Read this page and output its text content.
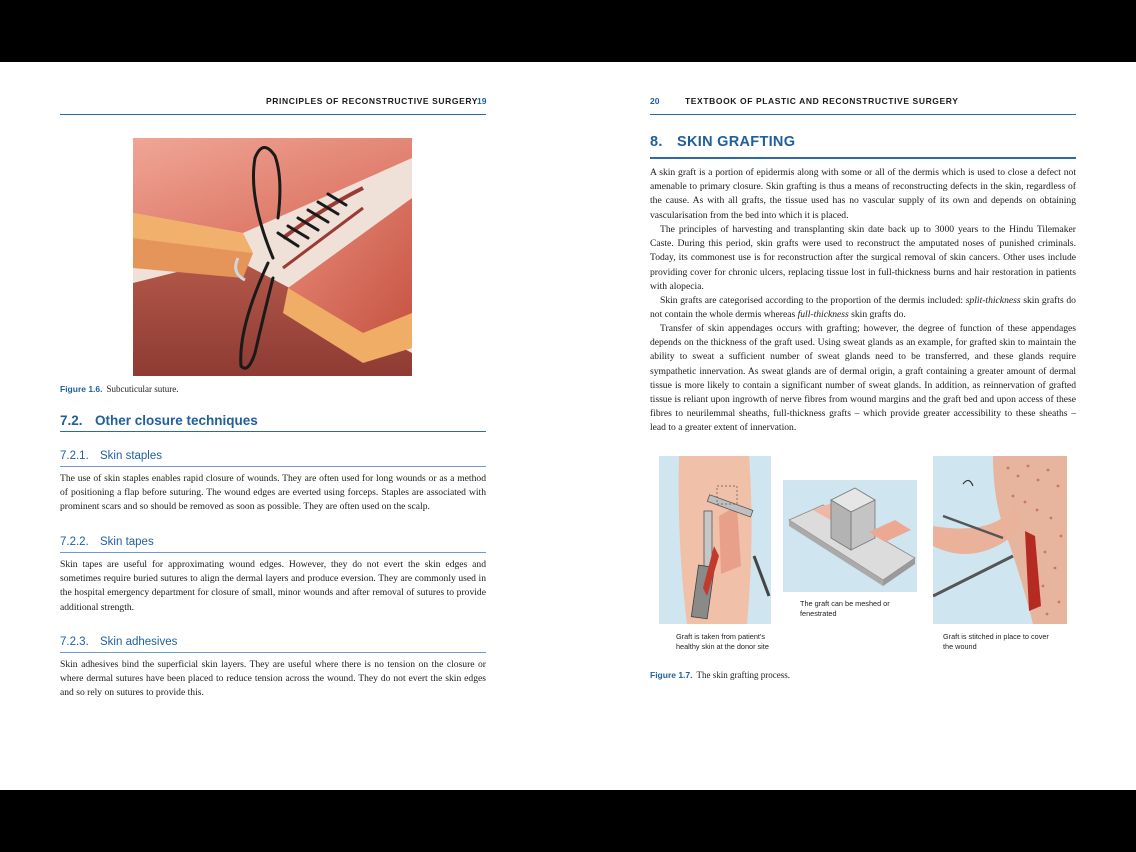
PRINCIPLES OF RECONSTRUCTIVE SURGERY
19
Figure 1.6. Subcuticular suture.
7.2. Other closure techniques
7.2.1. Skin staples

The use of skin staples enables rapid closure of wounds. They are often used for long wounds or as a method of positioning a flap before suturing. The wound edges are everted using forceps. Staples are associated with prominent scars and so should be removed as soon as possible. They are often used on the scalp.

7.2.2. Skin tapes

Skin tapes are useful for approximating wound edges. However, they do not evert the skin edges and sometimes require buried sutures to align the dermal layers and produce eversion. They are commonly used in the hospital emergency department for closure of small, minor wounds and after removal of sutures to provide additional strength.

7.2.3. Skin adhesives

Skin adhesives bind the superficial skin layers. They are useful where there is no tension on the closure or where dermal sutures have been placed to reduce tension across the wound. They do not evert the skin edges and so rely on sutures to provide this.

20	TEXTBOOK OF PLASTIC AND RECONSTRUCTIVE SURGERY
8. SKIN GRAFTING

A skin graft is a portion of epidermis along with some or all of the dermis which is used to close a defect not amenable to primary closure. Skin grafting is thus a means of reconstructing defects in the skin, regardless of the cause. As with all grafts, the tissue used has no vascular supply of its own and depends on obtaining vascularisation from the bed into which it is placed.

The principles of harvesting and transplanting skin date back up to 3000 years to the Hindu Tilemaker Caste. During this period, skin grafts were used to reconstruct the amputated noses of punished criminals. Today, its commonest use is for reconstruction after the surgical removal of skin cancers. Other uses include providing cover for chronic ulcers, replacing tissue lost in full-thickness burns and hair restoration in patients with alopecia.

Skin grafts are categorised according to the proportion of the dermis included: split-thickness skin grafts do not contain the whole dermis whereas full-thickness skin grafts do.

Transfer of skin appendages occurs with grafting; however, the degree of function of these appendages depends on the thickness of the graft used. Using sweat glands as an example, for grafted skin to maintain the ability to sweat a sufficient number of sweat glands need to be transferred, and these glands require sympathetic innervation. As sweat glands are of dermal origin, a graft containing a greater amount of dermal tissue is more likely to contain a significant number of sweat glands. In addition, as reinnervation of grafted tissue is reliant upon ingrowth of nerve fibres from wound margins and the graft bed and upon access of these fibres to neurilemmal sheaths, full-thickness grafts – which provide greater accessibility to these sheaths – lead to a greater extent of innervation.

Graft is taken from patient's healthy skin at the donor site
The graft can be meshed or fenestrated
Graft is stitched in place to cover the wound
Figure 1.7. The skin grafting process.
